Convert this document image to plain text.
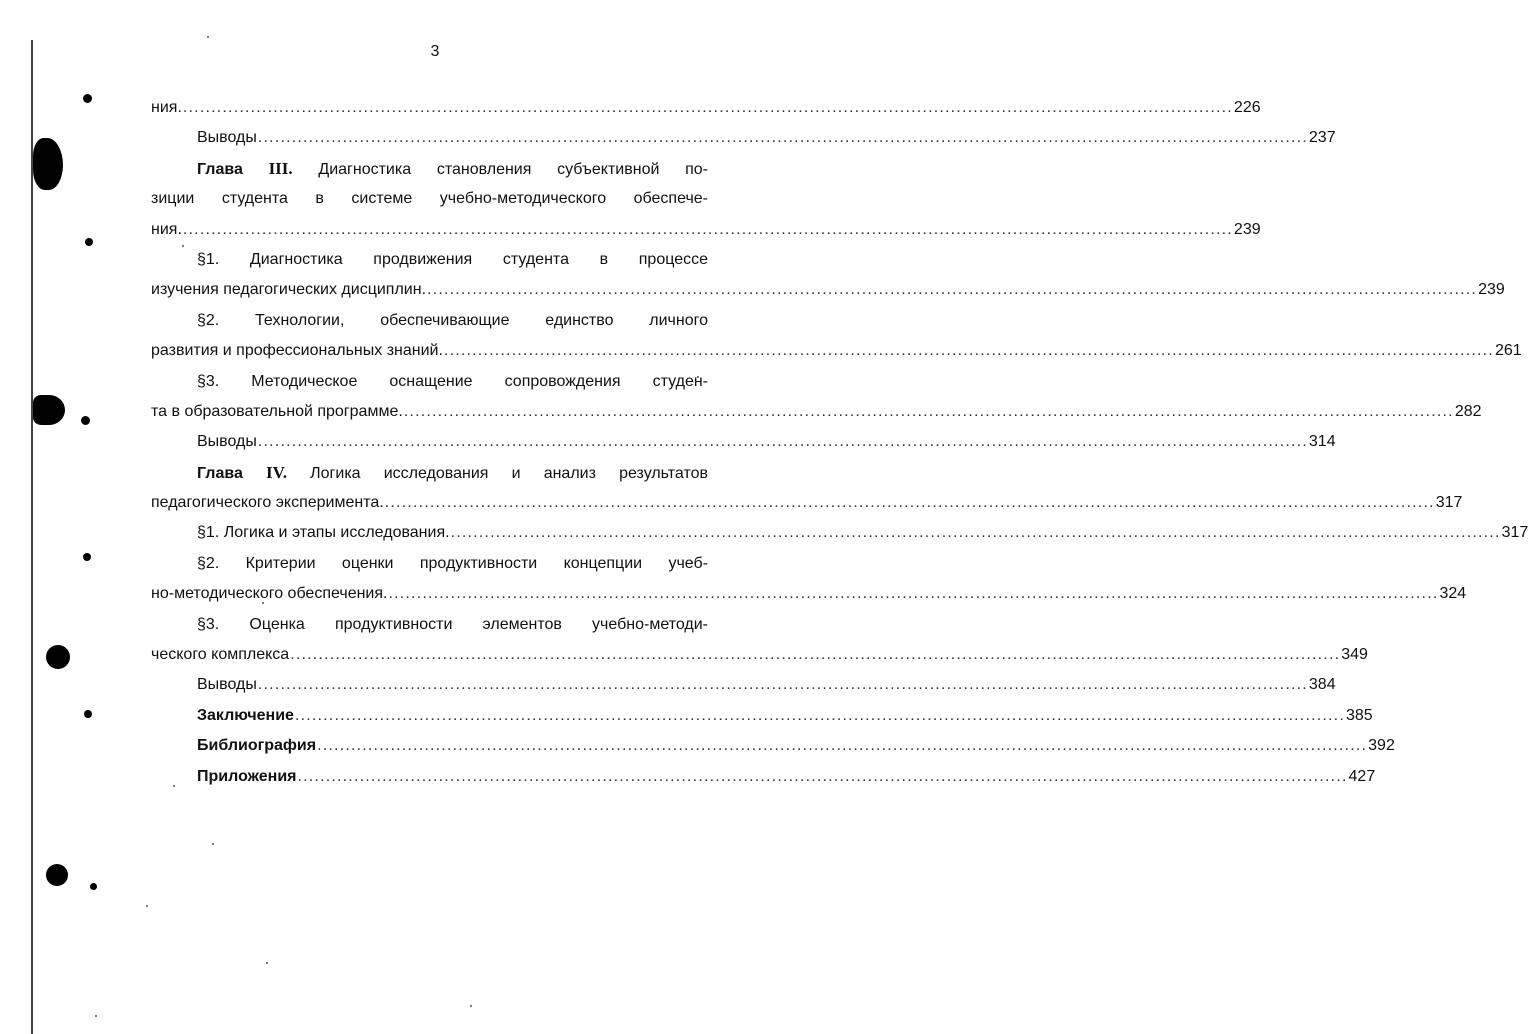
3
ния. .......................................................................................................................................................................................... 226
Выводы .......................................................................................................................................................................................... 237
Глава III. Диагностика становления субъективной по-
зиции студента в системе учебно-методического обеспече-
ния. .......................................................................................................................................................................................... 239
§1. Диагностика продвижения студента в процессе
изучения педагогических дисциплин. .......................................................................................................................................................................................... 239
§2. Технологии, обеспечивающие единство личного
развития и профессиональных знаний. .......................................................................................................................................................................................... 261
§3. Методическое оснащение сопровождения студен-
та в образовательной программе. .......................................................................................................................................................................................... 282
Выводы .......................................................................................................................................................................................... 314
Глава IV. Логика исследования и анализ результатов
педагогического эксперимента. .......................................................................................................................................................................................... 317
§1. Логика и этапы исследования. .......................................................................................................................................................................................... 317
§2. Критерии оценки продуктивности концепции учеб-
но-методического обеспечения. .......................................................................................................................................................................................... 324
§3. Оценка продуктивности элементов учебно-методи-
ческого комплекса .......................................................................................................................................................................................... 349
Выводы .......................................................................................................................................................................................... 384
Заключение .......................................................................................................................................................................................... 385
Библиография .......................................................................................................................................................................................... 392
Приложения .......................................................................................................................................................................................... 427
